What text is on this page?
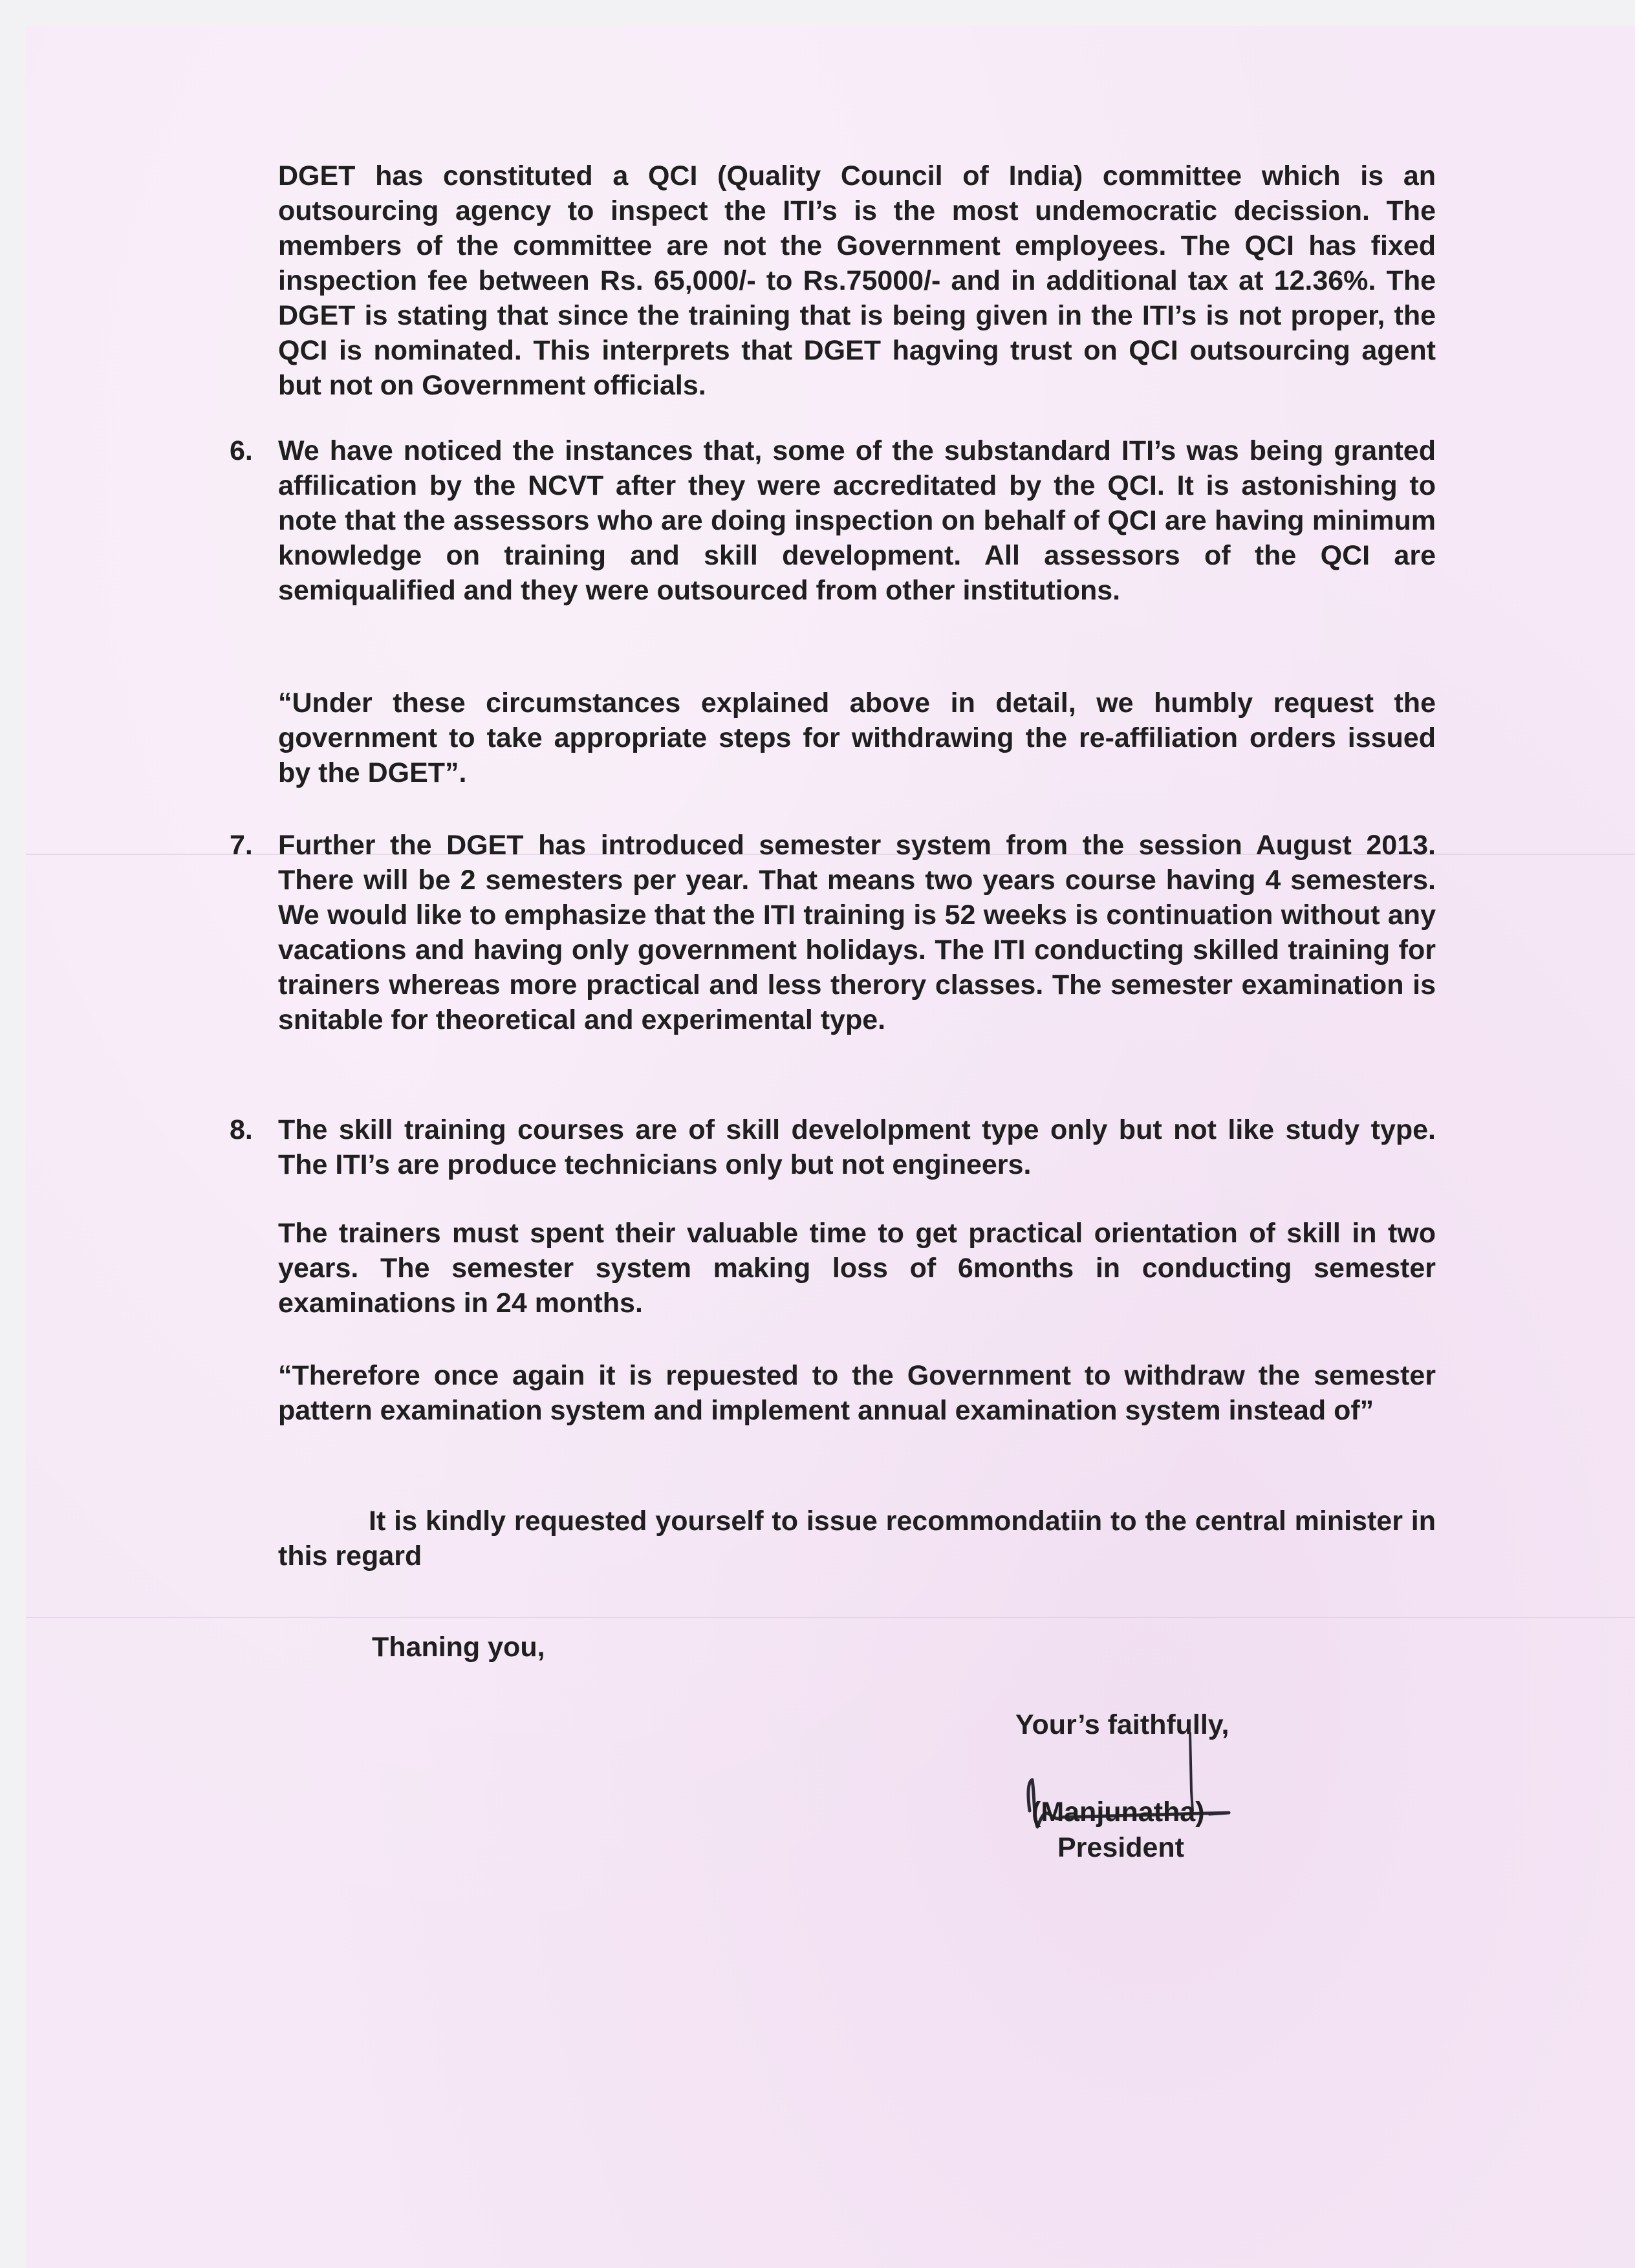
DGET has constituted a QCI (Quality Council of India) committee which is an outsourcing agency to inspect the ITI’s is the most undemocratic decission. The members of the committee are not the Government employees. The QCI has fixed inspection fee between Rs. 65,000/- to Rs.75000/- and in additional tax at 12.36%. The DGET is stating that since the training that is being given in the ITI’s is not proper, the QCI is nominated. This interprets that DGET hagving trust on QCI outsourcing agent but not on Government officials.

6. We have noticed the instances that, some of the substandard ITI’s was being granted affilication by the NCVT after they were accreditated by the QCI. It is astonishing to note that the assessors who are doing inspection on behalf of QCI are having minimum knowledge on training and skill development. All assessors of the QCI are semiqualified and they were outsourced from other institutions.

“Under these circumstances explained above in detail, we humbly request the government to take appropriate steps for withdrawing the re-affiliation orders issued by the DGET”.

7. Further the DGET has introduced semester system from the session August 2013. There will be 2 semesters per year. That means two years course having 4 semesters. We would like to emphasize that the ITI training is 52 weeks is continuation without any vacations and having only government holidays. The ITI conducting skilled training for trainers whereas more practical and less therory classes. The semester examination is snitable for theoretical and experimental type.

8. The skill training courses are of skill develolpment type only but not like study type. The ITI’s are produce technicians only but not engineers.

The trainers must spent their valuable time to get practical orientation of skill in two years. The semester system making loss of 6months in conducting semester examinations in 24 months.

“Therefore once again it is repuested to the Government to withdraw the semester pattern examination system and implement annual examination system instead of”

It is kindly requested yourself to issue recommondatiin to the central minister in this regard

Thaning you,
Your’s faithfully,
(Manjunatha)
President
